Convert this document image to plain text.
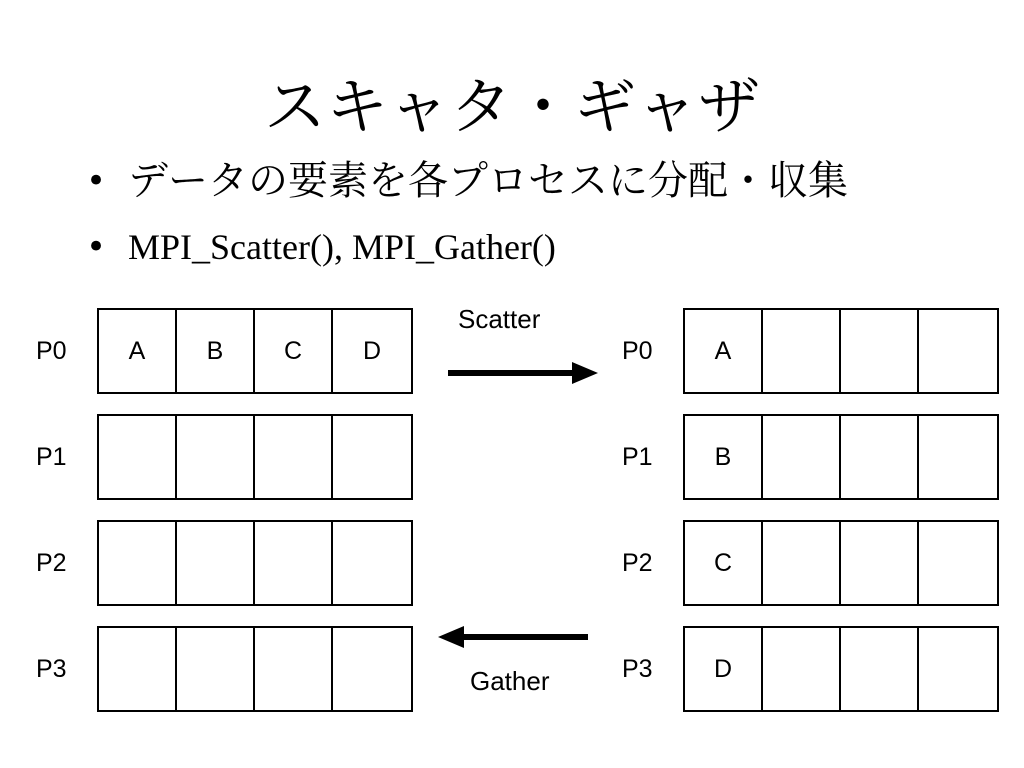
スキャタ・ギャザ
• データの要素を各プロセスに分配・収集
• MPI_Scatter(), MPI_Gather()
P0	A	B	C	D
P1
P2
P3
P0	A
P1	B
P2	C
P3	D
Scatter
Gather
